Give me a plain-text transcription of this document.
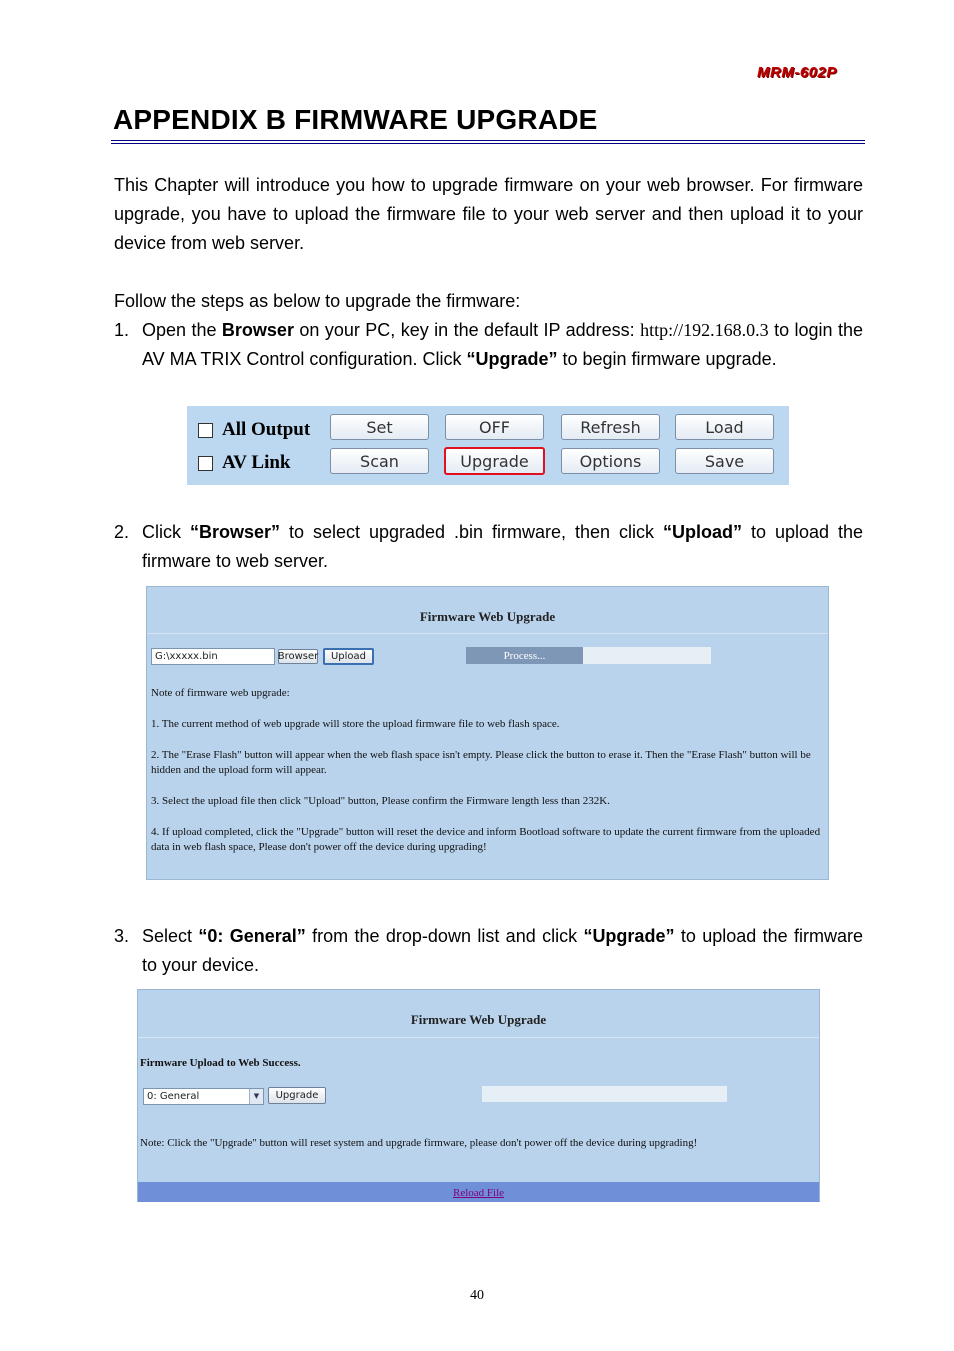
MRM-602P
APPENDIX B FIRMWARE UPGRADE

This Chapter will introduce you how to upgrade firmware on your web browser. For firmware upgrade, you have to upload the firmware file to your web server and then upload it to your device from web server.

Follow the steps as below to upgrade the firmware:

1. Open the Browser on your PC, key in the default IP address: http://192.168.0.3 to login the AV MA TRIX Control configuration. Click “Upgrade” to begin firmware upgrade.

All Output
AV Link
Set	OFF	Refresh	Load
Scan	Upgrade	Options	Save
2. Click “Browser” to select upgraded .bin firmware, then click “Upload” to upload the firmware to web server.

Firmware Web Upgrade
G:\xxxxx.bin	Browser	Upload	Process...
Note of firmware web upgrade:
1. The current method of web upgrade will store the upload firmware file to web flash space.
2. The "Erase Flash" button will appear when the web flash space isn't empty. Please click the button to erase it. Then the "Erase Flash" button will be hidden and the upload form will appear.
3. Select the upload file then click "Upload" button, Please confirm the Firmware length less than 232K.
4. If upload completed, click the "Upgrade" button will reset the device and inform Bootload software to update the current firmware from the uploaded data in web flash space, Please don't power off the device during upgrading!
3. Select “0: General” from the drop-down list and click “Upgrade” to upload the firmware to your device.

Firmware Web Upgrade
Firmware Upload to Web Success.
0: General	▼	Upgrade
Note: Click the "Upgrade" button will reset system and upgrade firmware, please don't power off the device during upgrading!
Reload File
40
